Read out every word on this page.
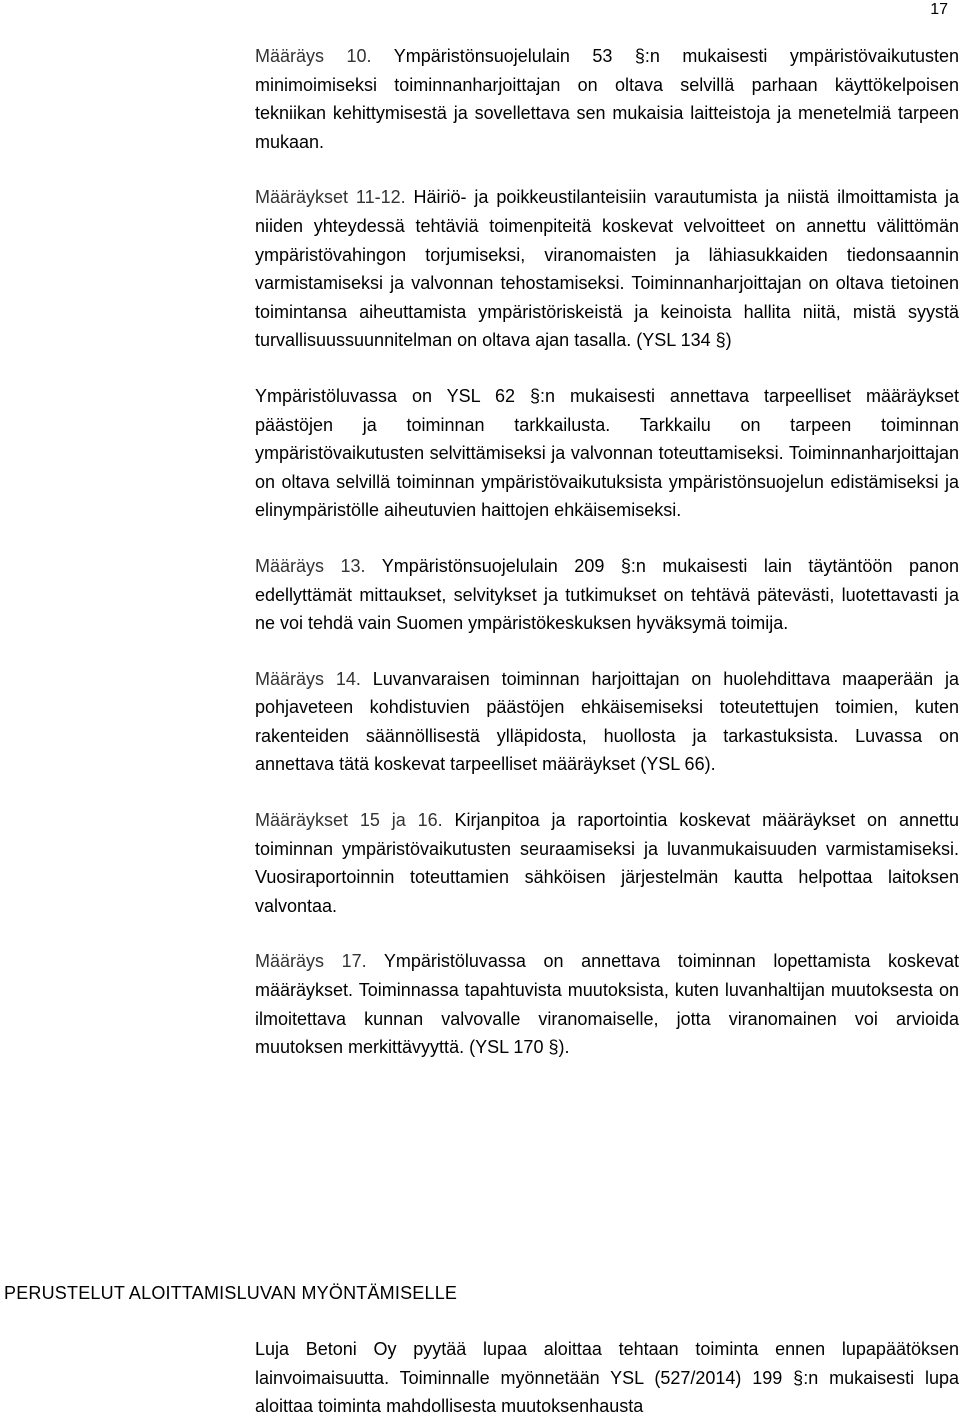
17

Määräys 10. Ympäristönsuojelulain 53 §:n mukaisesti ympäristövaikutusten minimoimiseksi toiminnanharjoittajan on oltava selvillä parhaan käyttökelpoisen tekniikan kehittymisestä ja sovellettava sen mukaisia laitteistoja ja menetelmiä tarpeen mukaan.

Määräykset 11-12. Häiriö- ja poikkeustilanteisiin varautumista ja niistä ilmoittamista ja niiden yhteydessä tehtäviä toimenpiteitä koskevat velvoitteet on annettu välittömän ympäristövahingon torjumiseksi, viranomaisten ja lähiasukkaiden tiedonsaannin varmistamiseksi ja valvonnan tehostamiseksi. Toiminnanharjoittajan on oltava tietoinen toimintansa aiheuttamista ympäristöriskeistä ja keinoista hallita niitä, mistä syystä turvallisuussuunnitelman on oltava ajan tasalla. (YSL 134 §)

Ympäristöluvassa on YSL 62 §:n mukaisesti annettava tarpeelliset määräykset päästöjen ja toiminnan tarkkailusta. Tarkkailu on tarpeen toiminnan ympäristövaikutusten selvittämiseksi ja valvonnan toteuttamiseksi. Toiminnanharjoittajan on oltava selvillä toiminnan ympäristövaikutuksista ympäristönsuojelun edistämiseksi ja elinympäristölle aiheutuvien haittojen ehkäisemiseksi.

Määräys 13. Ympäristönsuojelulain 209 §:n mukaisesti lain täytäntöön panon edellyttämät mittaukset, selvitykset ja tutkimukset on tehtävä pätevästi, luotettavasti ja ne voi tehdä vain Suomen ympäristökeskuksen hyväksymä toimija.

Määräys 14. Luvanvaraisen toiminnan harjoittajan on huolehdittava maaperään ja pohjaveteen kohdistuvien päästöjen ehkäisemiseksi toteutettujen toimien, kuten rakenteiden säännöllisestä ylläpidosta, huollosta ja tarkastuksista. Luvassa on annettava tätä koskevat tarpeelliset määräykset (YSL 66).

Määräykset 15 ja 16. Kirjanpitoa ja raportointia koskevat määräykset on annettu toiminnan ympäristövaikutusten seuraamiseksi ja luvanmukaisuuden varmistamiseksi. Vuosiraportoinnin toteuttamien sähköisen järjestelmän kautta helpottaa laitoksen valvontaa.

Määräys 17. Ympäristöluvassa on annettava toiminnan lopettamista koskevat määräykset. Toiminnassa tapahtuvista muutoksista, kuten luvanhaltijan muutoksesta on ilmoitettava kunnan valvovalle viranomaiselle, jotta viranomainen voi arvioida muutoksen merkittävyyttä. (YSL 170 §).

PERUSTELUT ALOITTAMISLUVAN MYÖNTÄMISELLE

Luja Betoni Oy pyytää lupaa aloittaa tehtaan toiminta ennen lupapäätöksen lainvoimaisuutta. Toiminnalle myönnetään YSL (527/2014) 199 §:n mukaisesti lupa aloittaa toiminta mahdollisesta muutoksenhausta
